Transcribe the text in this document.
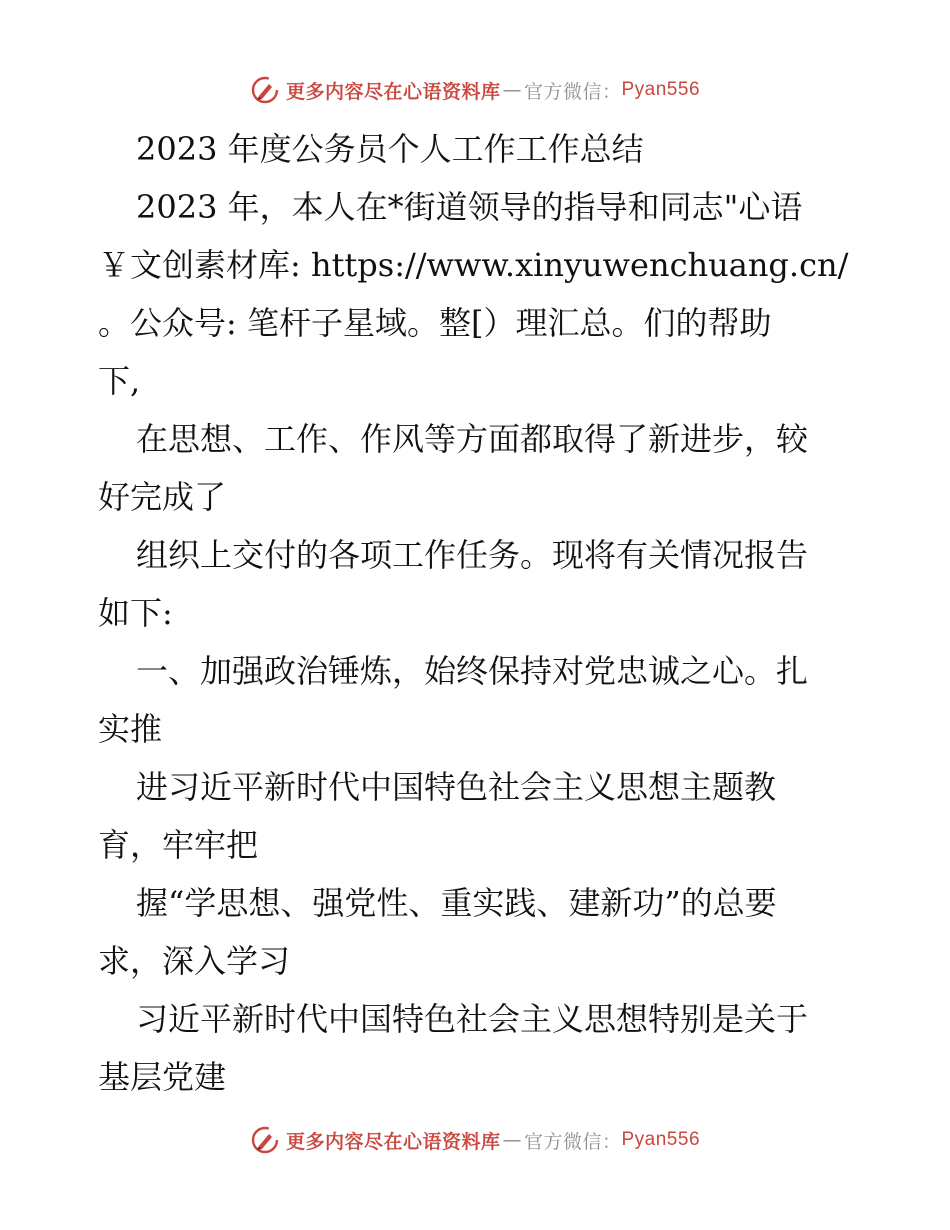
更多内容尽在心语资料库 — 官方微信： Pyan556
2023 年度公务员个人工作工作总结
2023 年，本人在*街道领导的指导和同志"心语
￥文创素材库: https://www.xinyuwenchuang.cn/
。公众号: 笔杆子星域。整[）理汇总。们的帮助
下,
在思想、工作、作风等方面都取得了新进步，较
好完成了
组织上交付的各项工作任务。现将有关情况报告
如下:
一、加强政治锤炼，始终保持对党忠诚之心。扎
实推
进习近平新时代中国特色社会主义思想主题教
育，牢牢把
握“学思想、强党性、重实践、建新功”的总要
求，深入学习
习近平新时代中国特色社会主义思想特别是关于
基层党建
更多内容尽在心语资料库 — 官方微信： Pyan556
